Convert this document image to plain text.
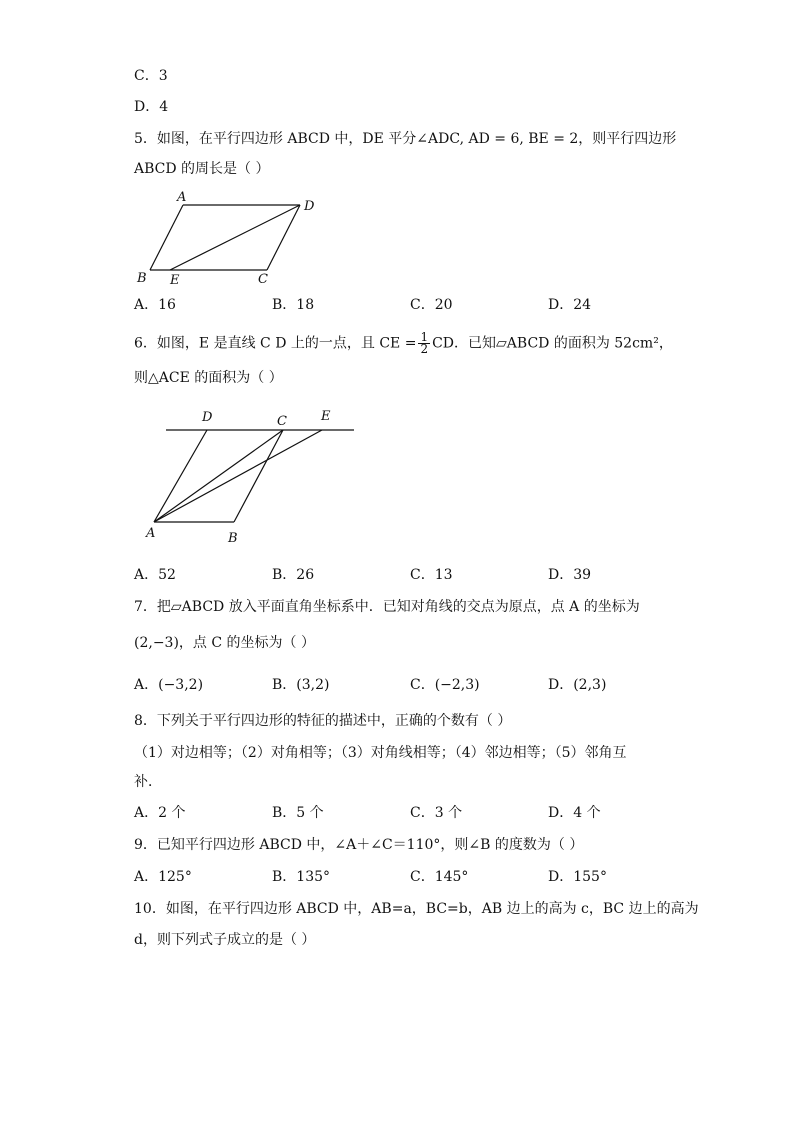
C．3
D．4
5．如图，在平行四边形 ABCD 中，DE 平分∠ADC, AD = 6, BE = 2，则平行四边形
ABCD 的周长是（ ）
A
D
B E	C
A．16	B．18	C．20	D．24
6．如图，E 是直线 C D 上的一点，且 CE = $\frac{1}{2}$ CD．已知▱ABCD 的面积为 52cm²，
则△ACE 的面积为（ ）
D	C	E
A	B
A．52	B．26	C．13	D．39
7．把▱ABCD 放入平面直角坐标系中．已知对角线的交点为原点，点 A 的坐标为
(2,−3)，点 C 的坐标为（ ）
A．(−3,2)	B．(3,2)	C．(−2,3)	D．(2,3)
8．下列关于平行四边形的特征的描述中，正确的个数有（ ）
（1）对边相等；（2）对角相等；（3）对角线相等；（4）邻边相等；（5）邻角互
补．
A．2 个	B．5 个	C．3 个	D．4 个
9．已知平行四边形 ABCD 中，∠A＋∠C＝110°，则∠B 的度数为（ ）
A．125°	B．135°	C．145°	D．155°
10．如图，在平行四边形 ABCD 中，AB=a，BC=b，AB 边上的高为 c，BC 边上的高为
d，则下列式子成立的是（ ）
